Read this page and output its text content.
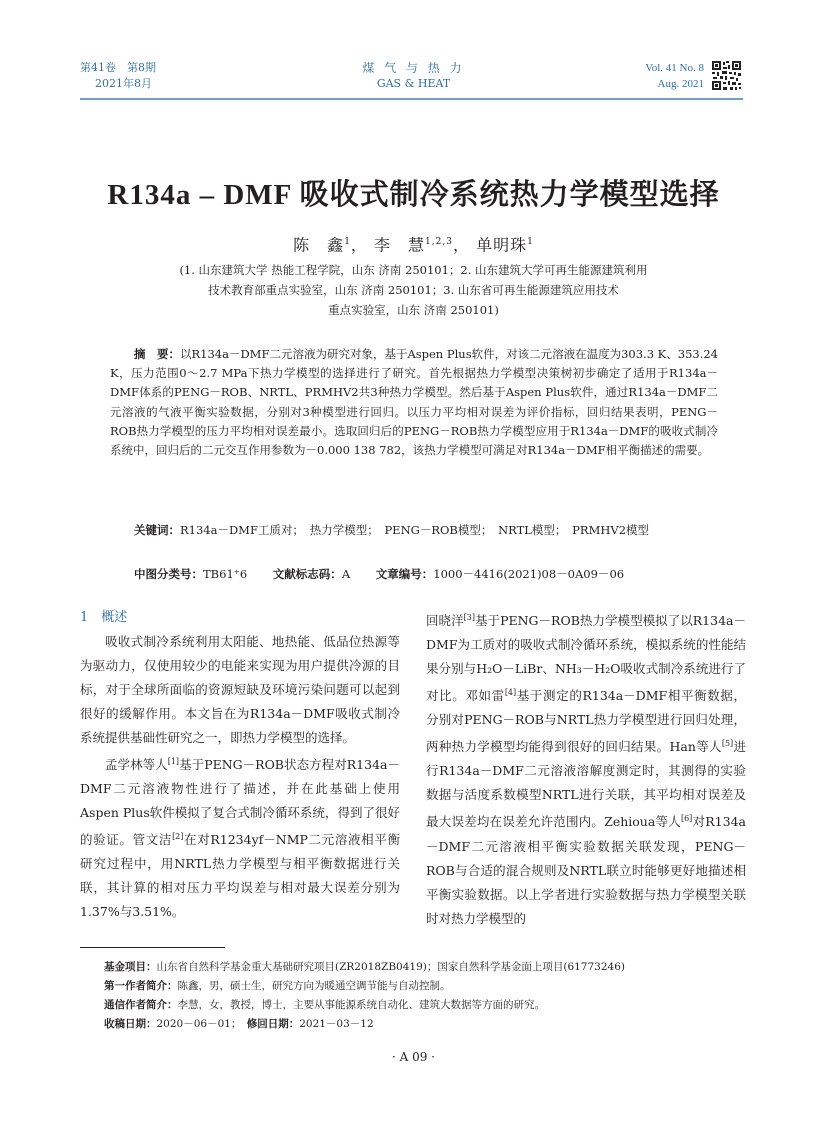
第41卷　第8期
2021年8月
煤 气 与 热 力
GAS & HEAT
Vol. 41 No. 8
Aug. 2021
R134a – DMF 吸收式制冷系统热力学模型选择
陈　鑫$^1$， 李　慧$^{1,2,3}$， 单明珠$^1$
(1. 山东建筑大学 热能工程学院，山东 济南 250101；2. 山东建筑大学可再生能源建筑利用
技术教育部重点实验室，山东 济南 250101；3. 山东省可再生能源建筑应用技术
重点实验室，山东 济南 250101)
摘　要：以R134a－DMF二元溶液为研究对象，基于Aspen Plus软件，对该二元溶液在温度为303.3 K、353.24 K，压力范围0～2.7 MPa下热力学模型的选择进行了研究。首先根据热力学模型决策树初步确定了适用于R134a－DMF体系的PENG－ROB、NRTL、PRMHV2共3种热力学模型。然后基于Aspen Plus软件，通过R134a－DMF二元溶液的气液平衡实验数据，分别对3种模型进行回归。以压力平均相对误差为评价指标，回归结果表明，PENG－ROB热力学模型的压力平均相对误差最小。选取回归后的PENG－ROB热力学模型应用于R134a－DMF的吸收式制冷系统中，回归后的二元交互作用参数为－0.000 138 782，该热力学模型可满足对R134a－DMF相平衡描述的需要。
关键词：R134a－DMF工质对；　热力学模型；　PENG－ROB模型；　NRTL模型；　PRMHV2模型
中图分类号：TB61⁺6 文献标志码：A 文章编号：1000－4416(2021)08－0A09－06
1　概述

吸收式制冷系统利用太阳能、地热能、低品位热源等为驱动力，仅使用较少的电能来实现为用户提供冷源的目标，对于全球所面临的资源短缺及环境污染问题可以起到很好的缓解作用。本文旨在为R134a－DMF吸收式制冷系统提供基础性研究之一，即热力学模型的选择。

孟学林等人[1]基于PENG－ROB状态方程对R134a－DMF二元溶液物性进行了描述，并在此基础上使用Aspen Plus软件模拟了复合式制冷循环系统，得到了很好的验证。管文洁[2]在对R1234yf－NMP二元溶液相平衡研究过程中，用NRTL热力学模型与相平衡数据进行关联，其计算的相对压力平均误差与相对最大误差分别为1.37%与3.51%。

回晓洋[3]基于PENG－ROB热力学模型模拟了以R134a－DMF为工质对的吸收式制冷循环系统，模拟系统的性能结果分别与H₂O－LiBr、NH₃－H₂O吸收式制冷系统进行了对比。邓如雷[4]基于测定的R134a－DMF相平衡数据，分别对PENG－ROB与NRTL热力学模型进行回归处理，两种热力学模型均能得到很好的回归结果。Han等人[5]进行R134a－DMF二元溶液溶解度测定时，其测得的实验数据与活度系数模型NRTL进行关联，其平均相对误差及最大误差均在误差允许范围内。Zehioua等人[6]对R134a－DMF二元溶液相平衡实验数据关联发现，PENG－ROB与合适的混合规则及NRTL联立时能够更好地描述相平衡实验数据。以上学者进行实验数据与热力学模型关联时对热力学模型的

基金项目：山东省自然科学基金重大基础研究项目(ZR2018ZB0419)；国家自然科学基金面上项目(61773246)
第一作者简介：陈鑫，男，硕士生，研究方向为暖通空调节能与自动控制。
通信作者简介：李慧，女，教授，博士，主要从事能源系统自动化、建筑大数据等方面的研究。
收稿日期：2020－06－01；　 修回日期：2021－03－12
· A 09 ·
